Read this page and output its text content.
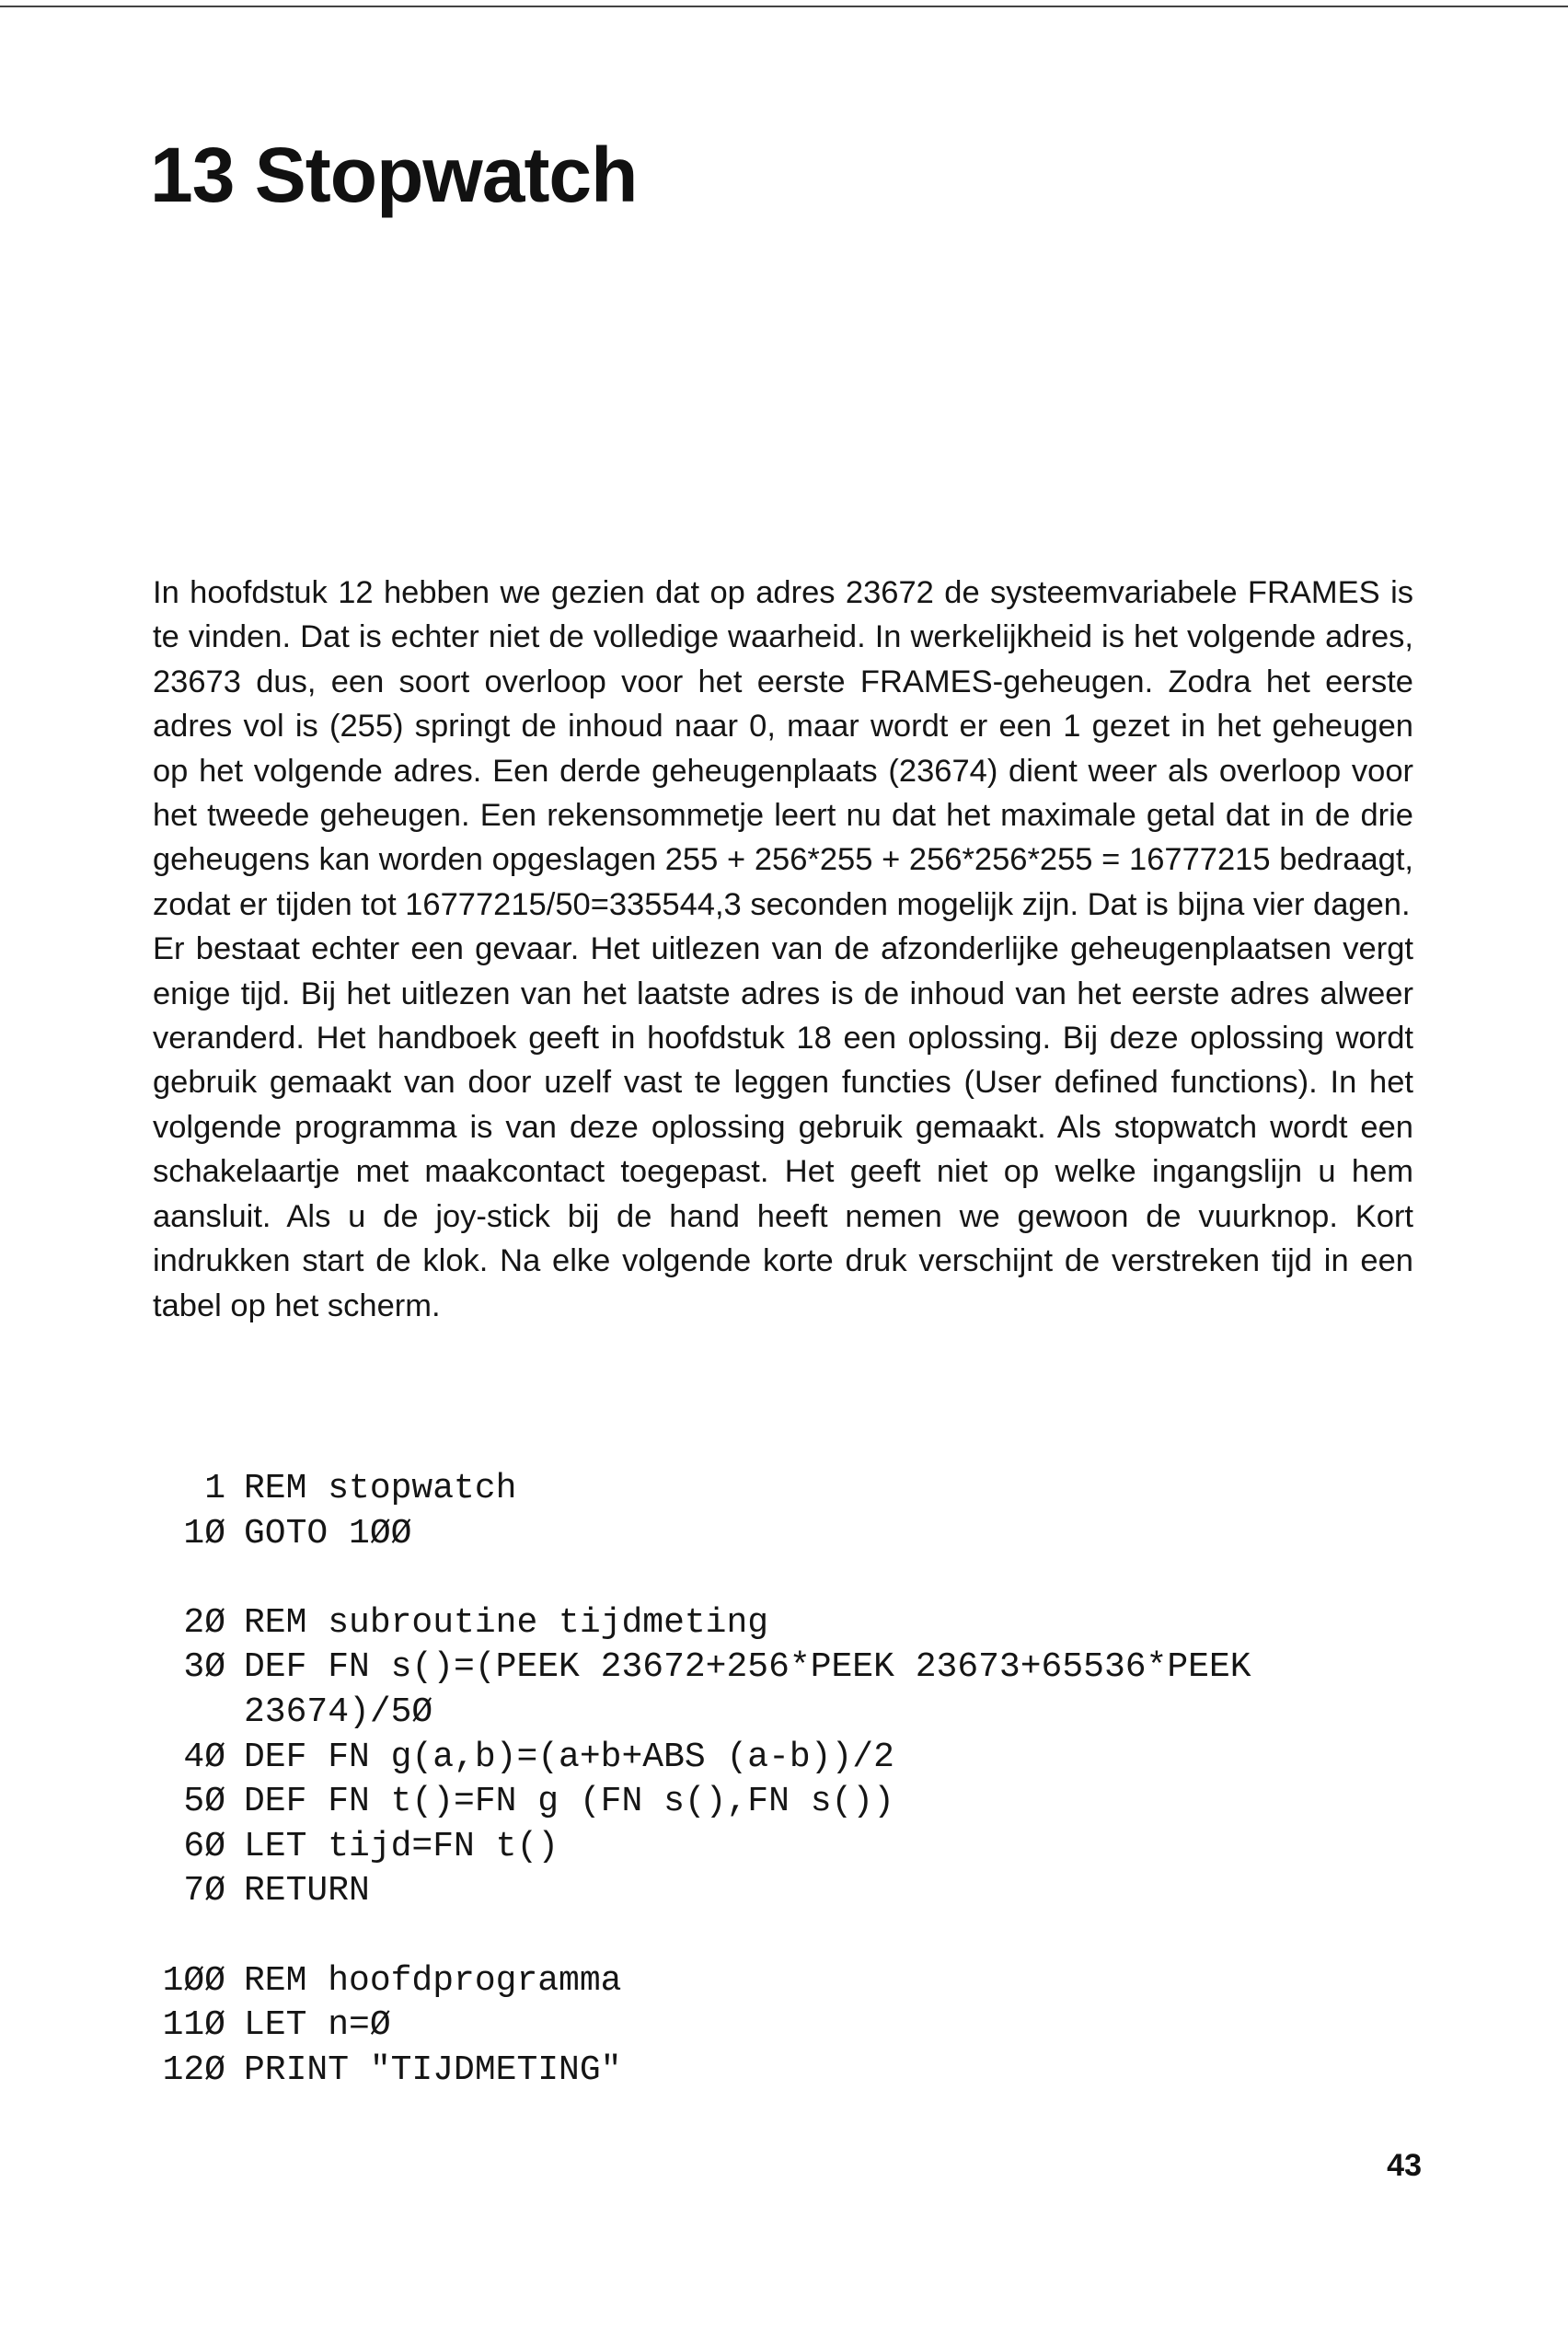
13 Stopwatch

In hoofdstuk 12 hebben we gezien dat op adres 23672 de systeemvariabele FRAMES is te vinden. Dat is echter niet de volledige waarheid. In werkelijkheid is het volgende adres, 23673 dus, een soort overloop voor het eerste FRAMES-geheugen. Zodra het eerste adres vol is (255) springt de inhoud naar 0, maar wordt er een 1 gezet in het geheugen op het volgende adres. Een derde geheugenplaats (23674) dient weer als overloop voor het tweede geheugen. Een rekensommetje leert nu dat het maximale getal dat in de drie geheugens kan worden opgeslagen 255 + 256*255 + 256*256*255 = 16777215 bedraagt, zodat er tijden tot 16777215/50=335544,3 seconden mogelijk zijn. Dat is bijna vier dagen.

Er bestaat echter een gevaar. Het uitlezen van de afzonderlijke geheugenplaatsen vergt enige tijd. Bij het uitlezen van het laatste adres is de inhoud van het eerste adres alweer veranderd. Het handboek geeft in hoofdstuk 18 een oplossing. Bij deze oplossing wordt gebruik gemaakt van door uzelf vast te leggen functies (User defined functions). In het volgende programma is van deze oplossing gebruik gemaakt. Als stopwatch wordt een schakelaartje met maakcontact toegepast. Het geeft niet op welke ingangslijn u hem aansluit. Als u de joy-stick bij de hand heeft nemen we gewoon de vuurknop. Kort indrukken start de klok. Na elke volgende korte druk verschijnt de verstreken tijd in een tabel op het scherm.

1 REM stopwatch
1Ø GOTO 1ØØ
2Ø REM subroutine tijdmeting
3Ø DEF FN s()=(PEEK 23672+256*PEEK 23673+65536*PEEK
23674)/5Ø
4Ø DEF FN g(a,b)=(a+b+ABS (a-b))/2
5Ø DEF FN t()=FN g (FN s(),FN s())
6Ø LET tijd=FN t()
7Ø RETURN
1ØØ REM hoofdprogramma
11Ø LET n=Ø
12Ø PRINT "TIJDMETING"
43
